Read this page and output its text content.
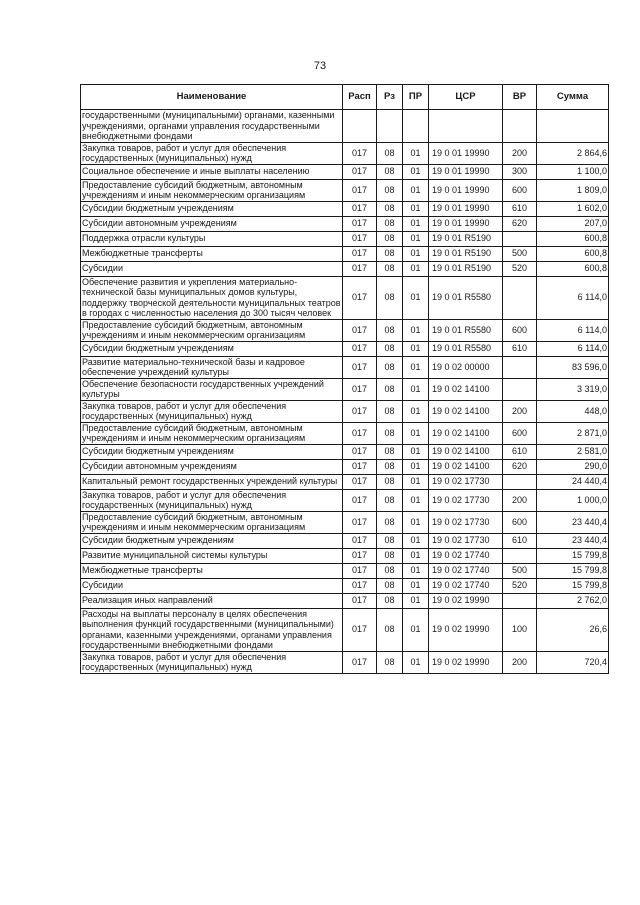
73
Наименование	Расп	Рз	ПР	ЦСР	ВР	Сумма
государственными (муниципальными) органами, казенными учреждениями, органами управления государственными внебюджетными фондами						
Закупка товаров, работ и услуг для обеспечения государственных (муниципальных) нужд	017	08	01	19 0 01 19990	200	2 864,6
Социальное обеспечение и иные выплаты населению	017	08	01	19 0 01 19990	300	1 100,0
Предоставление субсидий бюджетным, автономным учреждениям и иным некоммерческим организациям	017	08	01	19 0 01 19990	600	1 809,0
Субсидии бюджетным учреждениям	017	08	01	19 0 01 19990	610	1 602,0
Субсидии автономным учреждениям	017	08	01	19 0 01 19990	620	207,0
Поддержка отрасли культуры	017	08	01	19 0 01 R5190		600,8
Межбюджетные трансферты	017	08	01	19 0 01 R5190	500	600,8
Субсидии	017	08	01	19 0 01 R5190	520	600,8
Обеспечение развития и укрепления материально-технической базы муниципальных домов культуры, поддержку творческой деятельности муниципальных театров в городах с численностью населения до 300 тысяч человек	017	08	01	19 0 01 R5580		6 114,0
Предоставление субсидий бюджетным, автономным учреждениям и иным некоммерческим организациям	017	08	01	19 0 01 R5580	600	6 114,0
Субсидии бюджетным учреждениям	017	08	01	19 0 01 R5580	610	6 114,0
Развитие материально-технической базы и кадровое обеспечение учреждений культуры	017	08	01	19 0 02 00000		83 596,0
Обеспечение безопасности государственных учреждений культуры	017	08	01	19 0 02 14100		3 319,0
Закупка товаров, работ и услуг для обеспечения государственных (муниципальных) нужд	017	08	01	19 0 02 14100	200	448,0
Предоставление субсидий бюджетным, автономным учреждениям и иным некоммерческим организациям	017	08	01	19 0 02 14100	600	2 871,0
Субсидии бюджетным учреждениям	017	08	01	19 0 02 14100	610	2 581,0
Субсидии автономным учреждениям	017	08	01	19 0 02 14100	620	290,0
Капитальный ремонт государственных учреждений культуры	017	08	01	19 0 02 17730		24 440,4
Закупка товаров, работ и услуг для обеспечения государственных (муниципальных) нужд	017	08	01	19 0 02 17730	200	1 000,0
Предоставление субсидий бюджетным, автономным учреждениям и иным некоммерческим организациям	017	08	01	19 0 02 17730	600	23 440,4
Субсидии бюджетным учреждениям	017	08	01	19 0 02 17730	610	23 440,4
Развитие муниципальной системы культуры	017	08	01	19 0 02 17740		15 799,8
Межбюджетные трансферты	017	08	01	19 0 02 17740	500	15 799,8
Субсидии	017	08	01	19 0 02 17740	520	15 799,8
Реализация иных направлений	017	08	01	19 0 02 19990		2 762,0
Расходы на выплаты персоналу в целях обеспечения выполнения функций государственными (муниципальными) органами, казенными учреждениями, органами управления государственными внебюджетными фондами	017	08	01	19 0 02 19990	100	26,6
Закупка товаров, работ и услуг для обеспечения государственных (муниципальных) нужд	017	08	01	19 0 02 19990	200	720,4
